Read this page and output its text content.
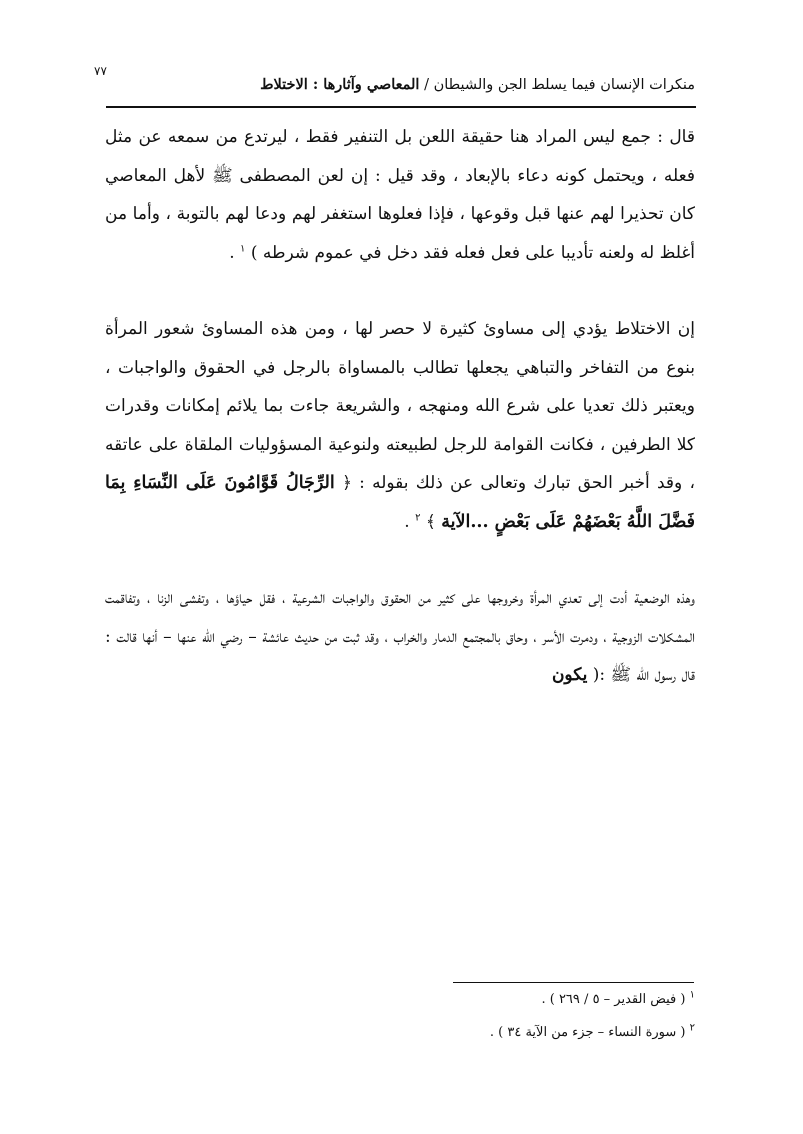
٧٧
منكرات الإنسان فيما يسلط الجن والشيطان / المعاصي وآثارها : الاختلاط

قال : جمع ليس المراد هنا حقيقة اللعن بل التنفير فقط ، ليرتدع من سمعه عن مثل فعله ، ويحتمل كونه دعاء بالإبعاد ، وقد قيل : إن لعن المصطفى ﷺ لأهل المعاصي كان تحذيرا لهم عنها قبل وقوعها ، فإذا فعلوها استغفر لهم ودعا لهم بالتوبة ، وأما من أغلظ له ولعنه تأديبا على فعل فعله فقد دخل في عموم شرطه ) $^١$ .

إن الاختلاط يؤدي إلى مساوئ كثيرة لا حصر لها ، ومن هذه المساوئ شعور المرأة بنوع من التفاخر والتباهي يجعلها تطالب بالمساواة بالرجل في الحقوق والواجبات ، ويعتبر ذلك تعديا على شرع الله ومنهجه ، والشريعة جاءت بما يلائم إمكانات وقدرات كلا الطرفين ، فكانت القوامة للرجل لطبيعته ولنوعية المسؤوليات الملقاة على عاتقه ، وقد أخبر الحق تبارك وتعالى عن ذلك بقوله : ﴿ الرِّجَالُ قَوَّامُونَ عَلَى النِّسَاءِ بِمَا فَضَّلَ اللَّهُ بَعْضَهُمْ عَلَى بَعْضٍ ...الآية ﴾ $^٢$ .

وهذه الوضعية أدت إلى تعدي المرأة وخروجها على كثير من الحقوق والواجبات الشرعية ، فقل حياؤها ، وتفشى الزنا ، وتفاقمت المشكلات الزوجية ، ودمرت الأسر ، وحاق بالمجتمع الدمار والخراب ، وقد ثبت من حديث عائشة – رضي الله عنها – أنها قالت : قال رسول الله ﷺ :( يكون

$^١$ ( فيض القدير – ٥ / ٢٦٩ ) .
$^٢$ ( سورة النساء – جزء من الآية ٣٤ ) .
